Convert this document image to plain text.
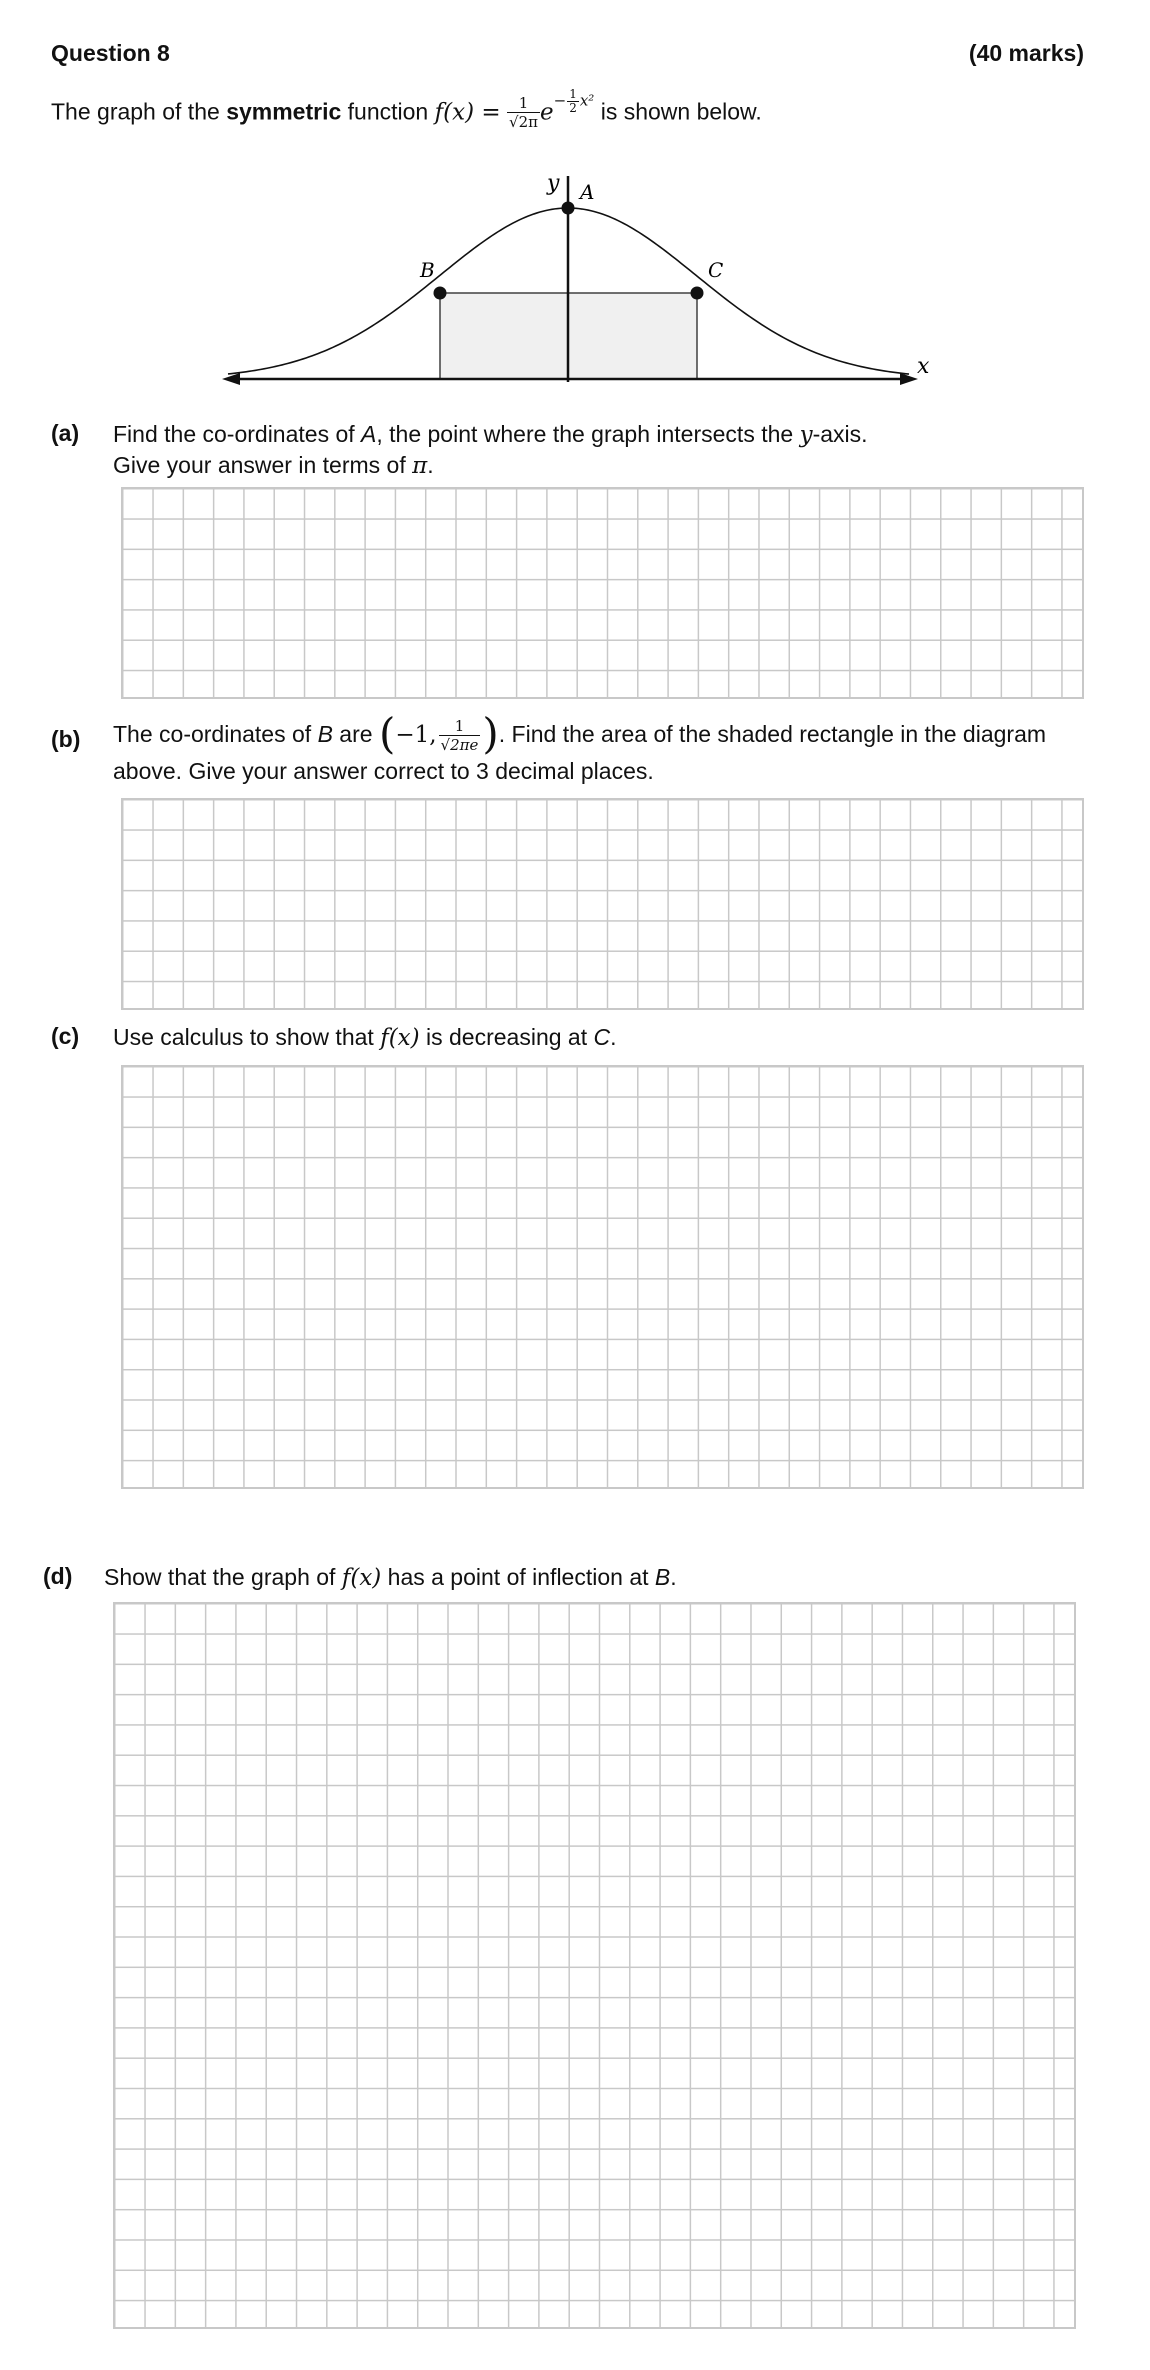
Question 8	(40 marks)
The graph of the symmetric function $f(x) = \frac{1}{√2\pi} e- \frac{1}{2} x^2$ is shown below.
y
x
A
B	C
(a) Find the co-ordinates of A, the point where the graph intersects the y-axis.
Give your answer in terms of π.
(b) The co-ordinates of B are (−1, $\frac{1}{√2\pi e}$ ). Find the area of the shaded rectangle in the diagram
above. Give your answer correct to 3 decimal places.
(c) Use calculus to show that f(x) is decreasing at C.
(d) Show that the graph of f(x) has a point of inflection at B.
